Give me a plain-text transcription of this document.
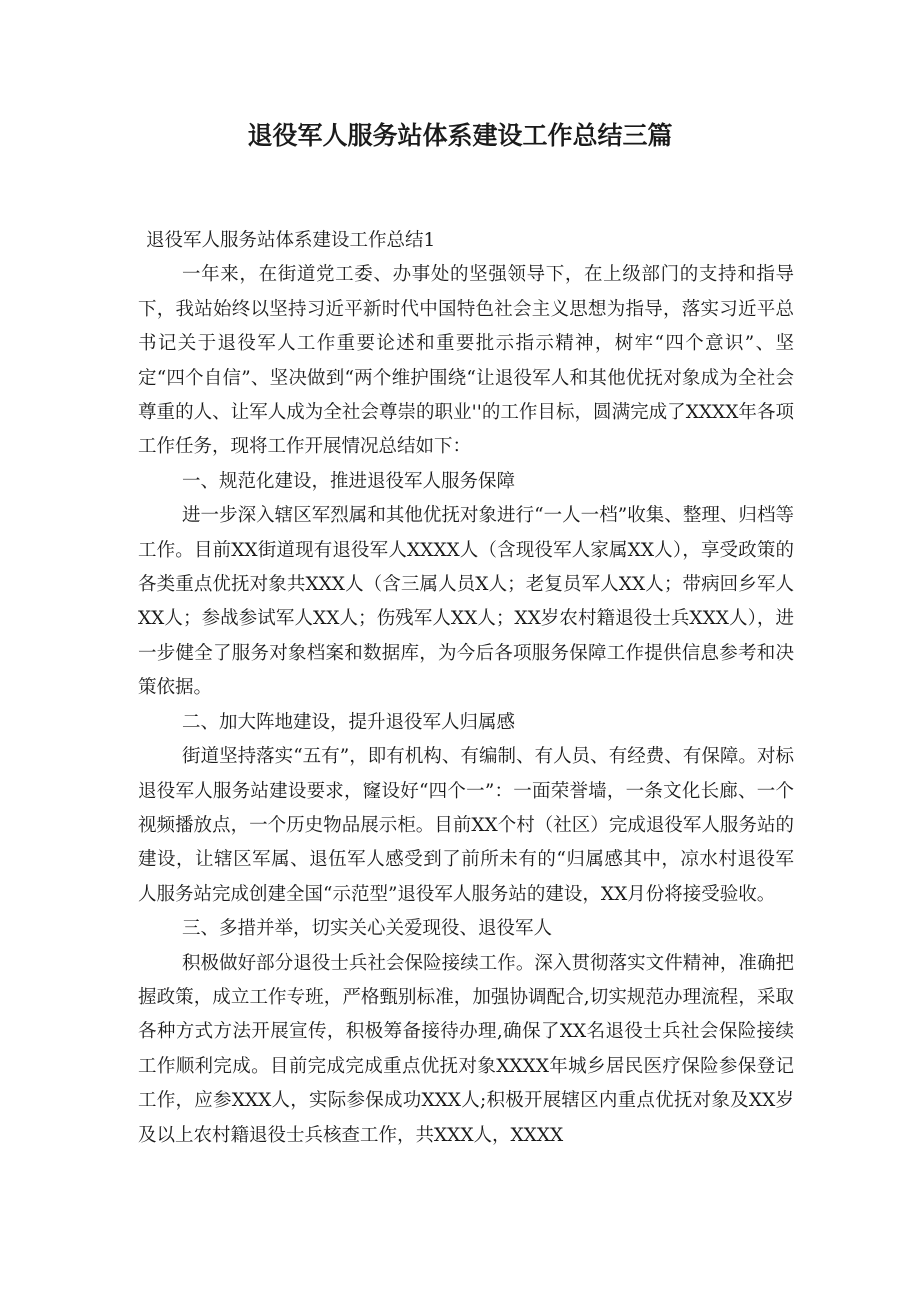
退役军人服务站体系建设工作总结三篇

退役军人服务站体系建设工作总结1

一年来，在街道党工委、办事处的坚强领导下，在上级部门的支持和指导下，我站始终以坚持习近平新时代中国特色社会主义思想为指导，落实习近平总书记关于退役军人工作重要论述和重要批示指示精神，树牢“四个意识”、坚定“四个自信”、坚决做到“两个维护围绕“让退役军人和其他优抚对象成为全社会尊重的人、让军人成为全社会尊崇的职业''的工作目标，圆满完成了XXXX年各项工作任务，现将工作开展情况总结如下：

一、规范化建设，推进退役军人服务保障

进一步深入辖区军烈属和其他优抚对象进行“一人一档”收集、整理、归档等工作。目前XX街道现有退役军人XXXX人（含现役军人家属XX人），享受政策的各类重点优抚对象共XXX人（含三属人员X人；老复员军人XX人；带病回乡军人XX人；参战参试军人XX人；伤残军人XX人；XX岁农村籍退役士兵XXX人），进一步健全了服务对象档案和数据库，为今后各项服务保障工作提供信息参考和决策依据。

二、加大阵地建设，提升退役军人归属感

街道坚持落实“五有”，即有机构、有编制、有人员、有经费、有保障。对标退役军人服务站建设要求，窿设好“四个一”：一面荣誉墙，一条文化长廊、一个视频播放点，一个历史物品展示柜。目前XX个村（社区）完成退役军人服务站的建设，让辖区军属、退伍军人感受到了前所未有的“归属感其中，凉水村退役军人服务站完成创建全国“示范型”退役军人服务站的建设，XX月份将接受验收。

三、多措并举，切实关心关爱现役、退役军人

积极做好部分退役士兵社会保险接续工作。深入贯彻落实文件精神，准确把握政策，成立工作专班，严格甄别标准，加强协调配合,切实规范办理流程，采取各种方式方法开展宣传，积极筹备接待办理,确保了XX名退役士兵社会保险接续工作顺利完成。目前完成完成重点优抚对象XXXX年城乡居民医疗保险参保登记工作，应参XXX人，实际参保成功XXX人;积极开展辖区内重点优抚对象及XX岁及以上农村籍退役士兵核查工作，共XXX人，XXXX
